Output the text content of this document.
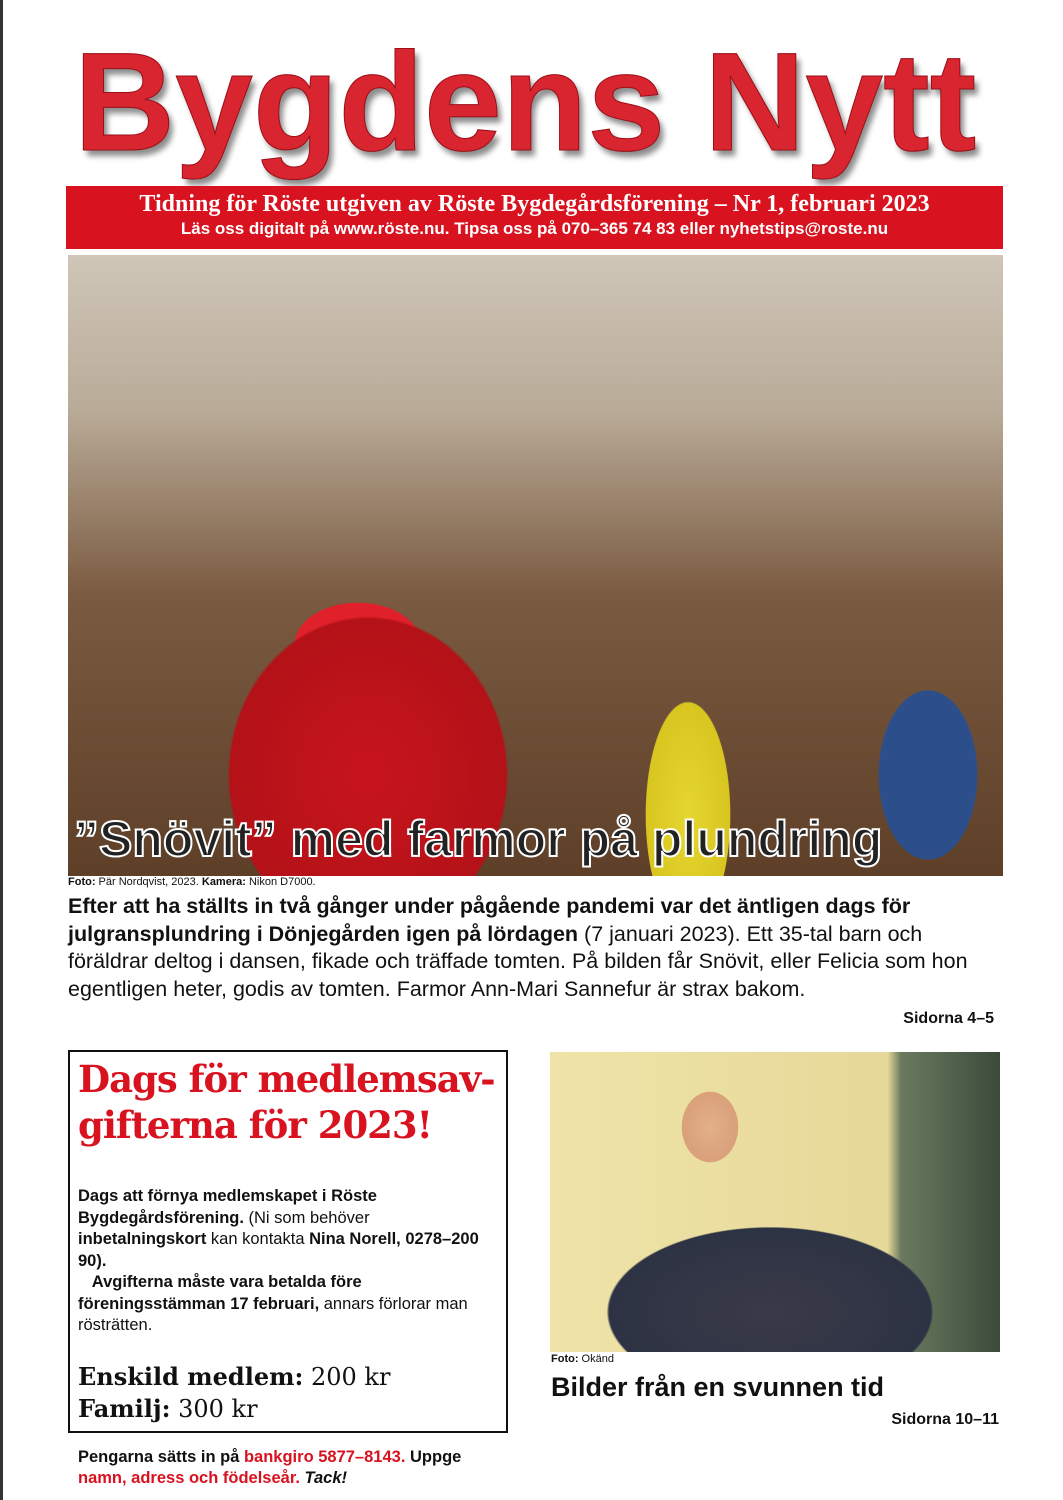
Bygdens Nytt
Tidning för Röste utgiven av Röste Bygdegårdsförening – Nr 1, februari 2023
Läs oss digitalt på www.röste.nu. Tipsa oss på 070–365 74 83 eller nyhetstips@roste.nu
”Snövit” med farmor på plundring
Foto: Pär Nordqvist, 2023. Kamera: Nikon D7000.
Efter att ha ställts in två gånger under pågående pandemi var det äntligen dags för julgransplundring i Dönjegården igen på lördagen (7 januari 2023). Ett 35-tal barn och föräldrar deltog i dansen, fikade och träffade tomten. På bilden får Snövit, eller Felicia som hon egentligen heter, godis av tomten. Farmor Ann-Mari Sannefur är strax bakom.
Sidorna 4–5
Dags för medlemsav-gifterna för 2023!
Dags att förnya medlemskapet i Röste Bygdegårdsförening. (Ni som behöver inbetalningskort kan kontakta Nina Norell, 0278–200 90).
Avgifterna måste vara betalda före föreningsstämman 17 februari, annars förlorar man rösträtten.
Enskild medlem: 200 kr
Familj: 300 kr
Pengarna sätts in på bankgiro 5877–8143. Uppge namn, adress och födelseår. Tack!
Foto: Okänd
Bilder från en svunnen tid
Sidorna 10–11
